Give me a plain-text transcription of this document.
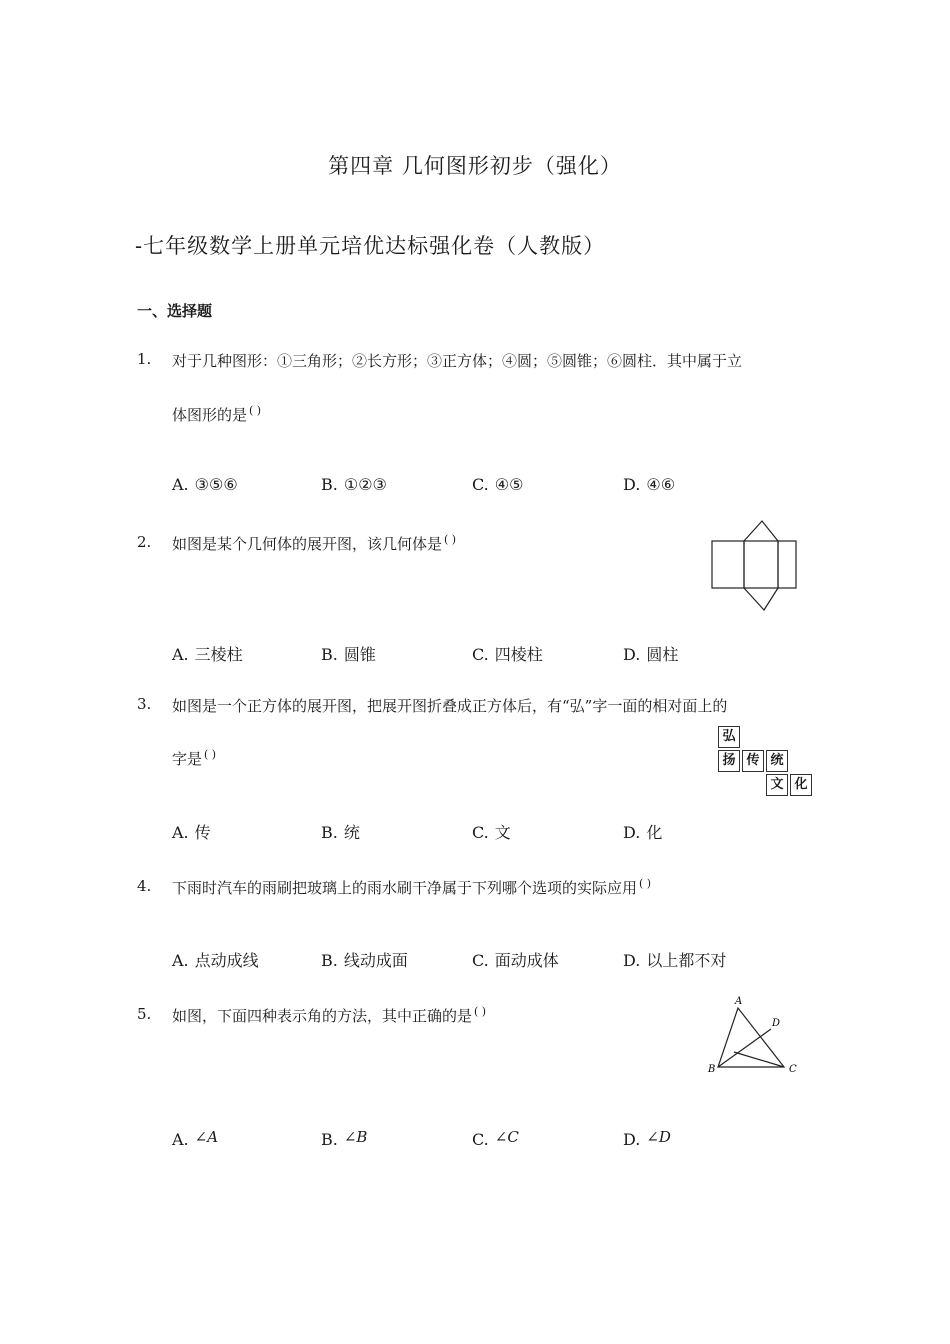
第四章 几何图形初步（强化）
-七年级数学上册单元培优达标强化卷（人教版）
一、选择题
1. 对于几种图形：①三角形；②长方形；③正方体；④圆；⑤圆锥；⑥圆柱．其中属于立
体图形的是 ( )
A. ③⑤⑥	B. ①②③	C. ④⑤	D. ④⑥
2. 如图是某个几何体的展开图，该几何体是 ( )
A. 三棱柱	B. 圆锥	C. 四棱柱	D. 圆柱
3. 如图是一个正方体的展开图，把展开图折叠成正方体后，有“弘”字一面的相对面上的
字是 ( )
弘
扬 传 统
文 化
A. 传	B. 统	C. 文	D. 化
4. 下雨时汽车的雨刷把玻璃上的雨水刷干净属于下列哪个选项的实际应用 ( )
A. 点动成线	B. 线动成面	C. 面动成体	D. 以上都不对
5. 如图，下面四种表示角的方法，其中正确的是 ( )
A
D
B	C
A. ∠A	B. ∠B	C. ∠C	D. ∠D
